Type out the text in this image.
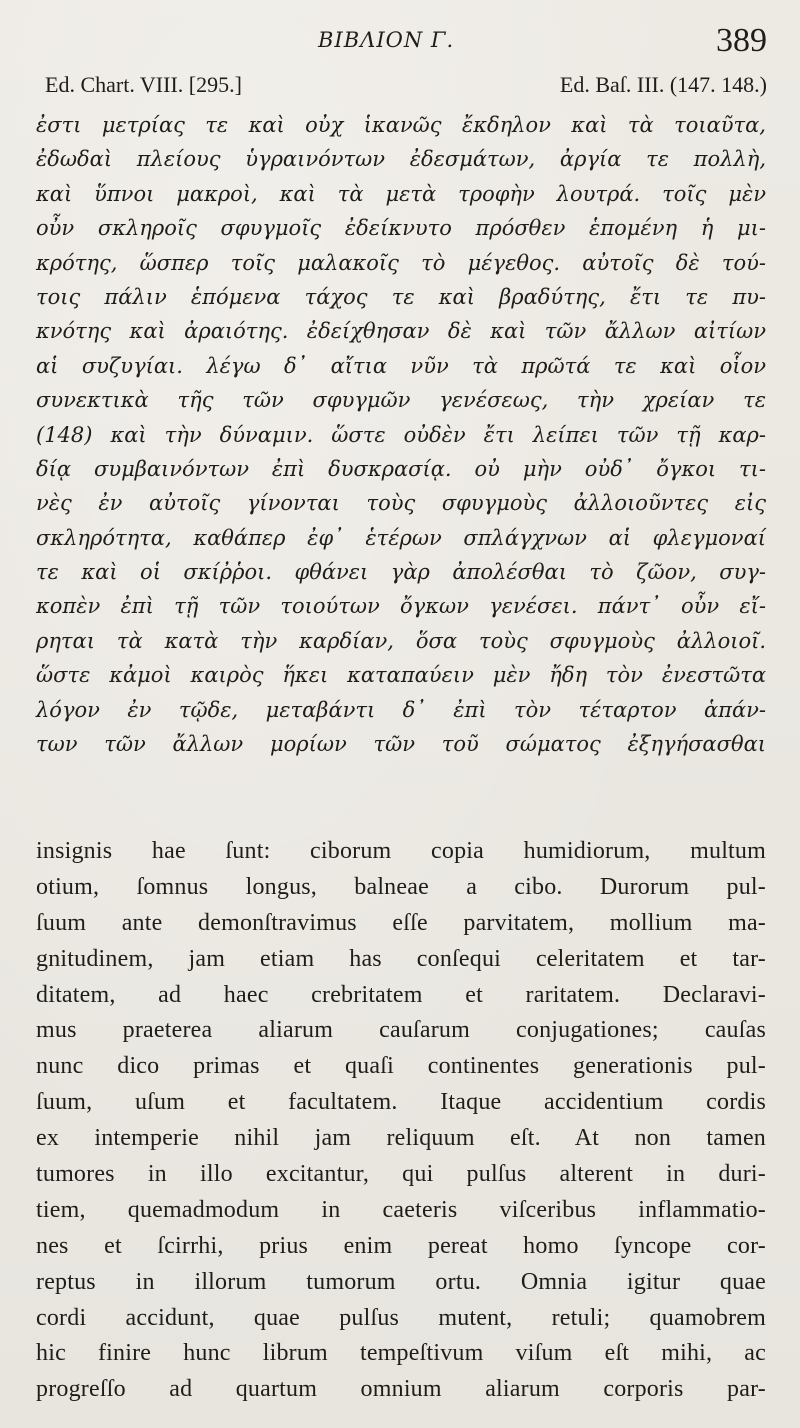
BIBΛΙΟΝ Γ.	389
Ed. Chart. VIII. [295.]	Ed. Baſ. III. (147. 148.)
ἐστι μετρίας τε καὶ οὐχ ἱκανῶς ἔκδηλον καὶ τὰ τοιαῦτα,
ἐδωδαὶ πλείους ὑγραινόντων ἐδεσμάτων, ἀργία τε πολλὴ,
καὶ ὕπνοι μακροὶ, καὶ τὰ μετὰ τροφὴν λουτρά. τοῖς μὲν
οὖν σκληροῖς σφυγμοῖς ἐδείκνυτο πρόσθεν ἑπομένη ἡ μι-
κρότης, ὥσπερ τοῖς μαλακοῖς τὸ μέγεθος. αὐτοῖς δὲ τού-
τοις πάλιν ἑπόμενα τάχος τε καὶ βραδύτης, ἔτι τε πυ-
κνότης καὶ ἀραιότης. ἐδείχθησαν δὲ καὶ τῶν ἄλλων αἰτίων
αἱ συζυγίαι. λέγω δ᾽ αἴτια νῦν τὰ πρῶτά τε καὶ οἷον
συνεκτικὰ τῆς τῶν σφυγμῶν γενέσεως, τὴν χρείαν τε
(148) καὶ τὴν δύναμιν. ὥστε οὐδὲν ἔτι λείπει τῶν τῇ καρ-
δίᾳ συμβαινόντων ἐπὶ δυσκρασίᾳ. οὐ μὴν οὐδ᾽ ὄγκοι τι-
νὲς ἐν αὐτοῖς γίνονται τοὺς σφυγμοὺς ἀλλοιοῦντες εἰς
σκληρότητα, καθάπερ ἐφ᾽ ἑτέρων σπλάγχνων αἱ φλεγμοναί
τε καὶ οἱ σκίῤῥοι. φθάνει γὰρ ἀπολέσθαι τὸ ζῶον, συγ-
κοπὲν ἐπὶ τῇ τῶν τοιούτων ὄγκων γενέσει. πάντ᾽ οὖν εἴ-
ρηται τὰ κατὰ τὴν καρδίαν, ὅσα τοὺς σφυγμοὺς ἀλλοιοῖ.
ὥστε κἀμοὶ καιρὸς ἥκει καταπαύειν μὲν ἤδη τὸν ἐνεστῶτα
λόγον ἐν τῷδε, μεταβάντι δ᾽ ἐπὶ τὸν τέταρτον ἁπάν-
των τῶν ἄλλων μορίων τῶν τοῦ σώματος ἐξηγήσασθαι
insignis hae ſunt: ciborum copia humidiorum, multum
otium, ſomnus longus, balneae a cibo. Durorum pul-
ſuum ante demonſtravimus eſſe parvitatem, mollium ma-
gnitudinem, jam etiam has conſequi celeritatem et tar-
ditatem, ad haec crebritatem et raritatem. Declaravi-
mus praeterea aliarum cauſarum conjugationes; cauſas
nunc dico primas et quaſi continentes generationis pul-
ſuum, uſum et facultatem. Itaque accidentium cordis
ex intemperie nihil jam reliquum eſt. At non tamen
tumores in illo excitantur, qui pulſus alterent in duri-
tiem, quemadmodum in caeteris viſceribus inflammatio-
nes et ſcirrhi, prius enim pereat homo ſyncope cor-
reptus in illorum tumorum ortu. Omnia igitur quae
cordi accidunt, quae pulſus mutent, retuli; quamobrem
hic finire hunc librum tempeſtivum viſum eſt mihi, ac
progreſſo ad quartum omnium aliarum corporis par-
